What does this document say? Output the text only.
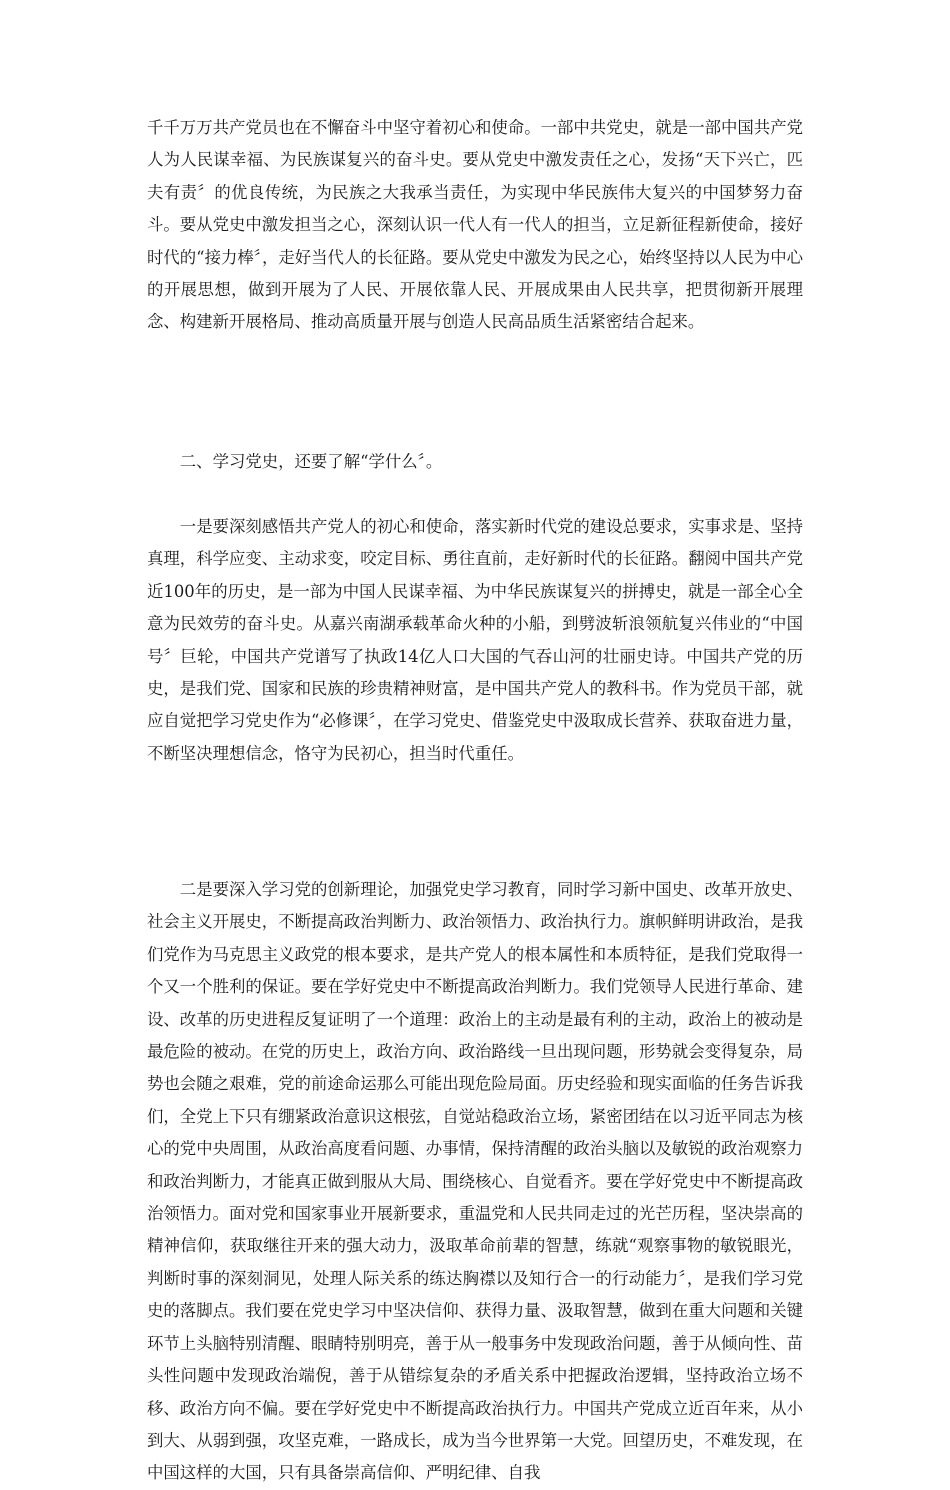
千千万万共产党员也在不懈奋斗中坚守着初心和使命。一部中共党史，就是一部中国共产党人为人民谋幸福、为民族谋复兴的奋斗史。要从党史中激发责任之心，发扬“天下兴亡，匹夫有责〞的优良传统，为民族之大我承当责任，为实现中华民族伟大复兴的中国梦努力奋斗。要从党史中激发担当之心，深刻认识一代人有一代人的担当，立足新征程新使命，接好时代的“接力棒〞，走好当代人的长征路。要从党史中激发为民之心，始终坚持以人民为中心的开展思想，做到开展为了人民、开展依靠人民、开展成果由人民共享，把贯彻新开展理念、构建新开展格局、推动高质量开展与创造人民高品质生活紧密结合起来。

二、学习党史，还要了解“学什么〞。

一是要深刻感悟共产党人的初心和使命，落实新时代党的建设总要求，实事求是、坚持真理，科学应变、主动求变，咬定目标、勇往直前，走好新时代的长征路。翻阅中国共产党近100年的历史，是一部为中国人民谋幸福、为中华民族谋复兴的拼搏史，就是一部全心全意为民效劳的奋斗史。从嘉兴南湖承载革命火种的小船，到劈波斩浪领航复兴伟业的“中国号〞巨轮，中国共产党谱写了执政14亿人口大国的气吞山河的壮丽史诗。中国共产党的历史，是我们党、国家和民族的珍贵精神财富，是中国共产党人的教科书。作为党员干部，就应自觉把学习党史作为“必修课〞，在学习党史、借鉴党史中汲取成长营养、获取奋进力量，不断坚决理想信念，恪守为民初心，担当时代重任。

二是要深入学习党的创新理论，加强党史学习教育，同时学习新中国史、改革开放史、社会主义开展史，不断提高政治判断力、政治领悟力、政治执行力。旗帜鲜明讲政治，是我们党作为马克思主义政党的根本要求，是共产党人的根本属性和本质特征，是我们党取得一个又一个胜利的保证。要在学好党史中不断提高政治判断力。我们党领导人民进行革命、建设、改革的历史进程反复证明了一个道理：政治上的主动是最有利的主动，政治上的被动是最危险的被动。在党的历史上，政治方向、政治路线一旦出现问题，形势就会变得复杂，局势也会随之艰难，党的前途命运那么可能出现危险局面。历史经验和现实面临的任务告诉我们，全党上下只有绷紧政治意识这根弦，自觉站稳政治立场，紧密团结在以习近平同志为核心的党中央周围，从政治高度看问题、办事情，保持清醒的政治头脑以及敏锐的政治观察力和政治判断力，才能真正做到服从大局、围绕核心、自觉看齐。要在学好党史中不断提高政治领悟力。面对党和国家事业开展新要求，重温党和人民共同走过的光芒历程，坚决崇高的精神信仰，获取继往开来的强大动力，汲取革命前辈的智慧，练就“观察事物的敏锐眼光，判断时事的深刻洞见，处理人际关系的练达胸襟以及知行合一的行动能力〞，是我们学习党史的落脚点。我们要在党史学习中坚决信仰、获得力量、汲取智慧，做到在重大问题和关键环节上头脑特别清醒、眼睛特别明亮，善于从一般事务中发现政治问题，善于从倾向性、苗头性问题中发现政治端倪，善于从错综复杂的矛盾关系中把握政治逻辑，坚持政治立场不移、政治方向不偏。要在学好党史中不断提高政治执行力。中国共产党成立近百年来，从小到大、从弱到强，攻坚克难，一路成长，成为当今世界第一大党。回望历史，不难发现，在中国这样的大国，只有具备崇高信仰、严明纪律、自我
